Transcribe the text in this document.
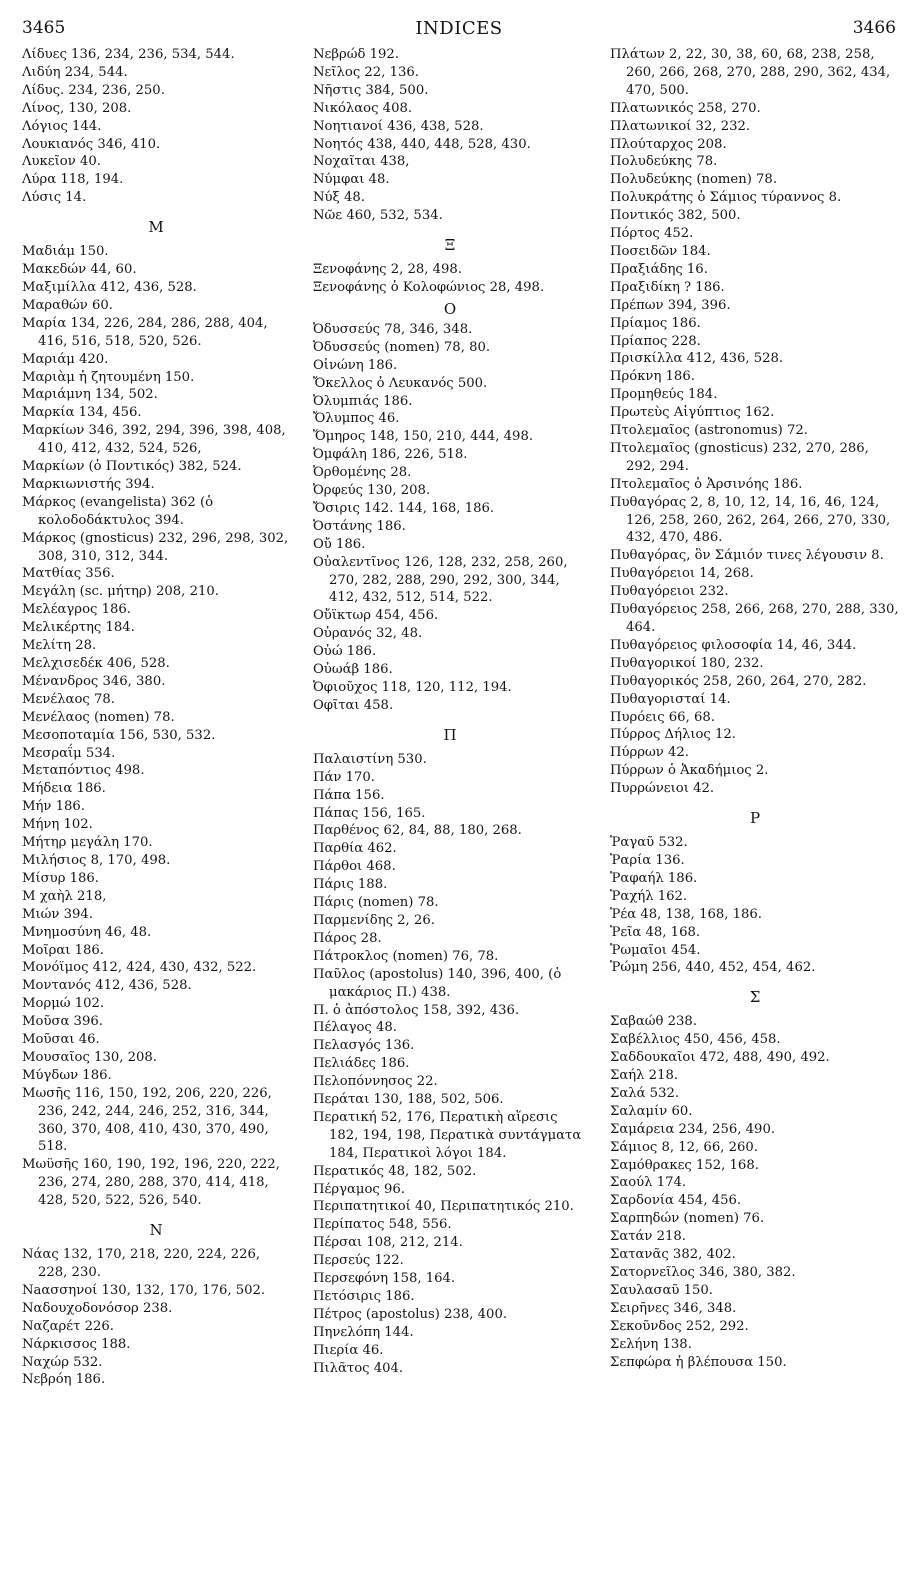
3465	INDICES	3466
Λίδυες 136, 234, 236, 534, 544.
Λιδύη 234, 544.
Λίδυς. 234, 236, 250.
Λίνος, 130, 208.
Λόγιος 144.
Λουκιανός 346, 410.
Λυκεῖον 40.
Λύρα 118, 194.
Λύσις 14.
M
Μαδιάμ 150.
Μακεδών 44, 60.
Μαξιμίλλα 412, 436, 528.
Μαραθών 60.
Μαρία 134, 226, 284, 286, 288, 404, 416, 516, 518, 520, 526.
Μαριάμ 420.
Μαριὰμ ἡ ζητουμένη 150.
Μαριάμνη 134, 502.
Μαρκία 134, 456.
Μαρκίων 346, 392, 294, 396, 398, 408, 410, 412, 432, 524, 526,
Μαρκίων (ὁ Ποντικός) 382, 524.
Μαρκιωνιστής 394.
Μάρκος (evangelista) 362 (ὁ κολοδοδάκτυλος 394.
Μάρκος (gnosticus) 232, 296, 298, 302, 308, 310, 312, 344.
Ματθίας 356.
Μεγάλη (sc. μήτηρ) 208, 210.
Μελέαγρος 186.
Μελικέρτης 184.
Μελίτη 28.
Μελχισεδέκ 406, 528.
Μένανδρος 346, 380.
Μενέλαος 78.
Μενέλαος (nomen) 78.
Μεσοποταμία 156, 530, 532.
Μεσραΐμ 534.
Μεταπόντιος 498.
Μήδεια 186.
Μήν 186.
Μήνη 102.
Μήτηρ μεγάλη 170.
Μιλήσιος 8, 170, 498.
Μίσυρ 186.
Μ χαὴλ 218,
Μιών 394.
Μνημοσύνη 46, 48.
Μοῖραι 186.
Μονόϊμος 412, 424, 430, 432, 522.
Μοντανός 412, 436, 528.
Μορμώ 102.
Μοῦσα 396.
Μοῦσαι 46.
Μουσαῖος 130, 208.
Μύγδων 186.
Μωσῆς 116, 150, 192, 206, 220, 226, 236, 242, 244, 246, 252, 316, 344, 360, 370, 408, 410, 430, 370, 490, 518.
Μωϋσῆς 160, 190, 192, 196, 220, 222, 236, 274, 280, 288, 370, 414, 418, 428, 520, 522, 526, 540.
N
Νάας 132, 170, 218, 220, 224, 226, 228, 230.
Νaασσηνοί 130, 132, 170, 176, 502.
Ναδουχοδονόσορ 238.
Ναζαρέτ 226.
Νάρκισσος 188.
Ναχώρ 532.
Νεβρόη 186.
Νεβρώδ 192.
Νεῖλος 22, 136.
Νῆστις 384, 500.
Νικόλαος 408.
Νοητιανοί 436, 438, 528.
Νοητός 438, 440, 448, 528, 430.
Νοχαῖται 438,
Νύμφαι 48.
Νύξ 48.
Νῶε 460, 532, 534.
Ξ
Ξενοφάνης 2, 28, 498.
Ξενοφάνης ὁ Κολοφώνιος 28, 498.
O
Ὀδυσσεύς 78, 346, 348.
Ὀδυσσεύς (nomen) 78, 80.
Οἰνώνη 186.
Ὄκελλος ὁ Λευκανός 500.
Ὀλυμπιάς 186.
Ὄλυμπος 46.
Ὅμηρος 148, 150, 210, 444, 498.
Ὀμφάλη 186, 226, 518.
Ὀρθομένης 28.
Ὀρφεύς 130, 208.
Ὄσιρις 142. 144, 168, 186.
Ὀστάνης 186.
Οὔ 186.
Οὐαλεντῖνος 126, 128, 232, 258, 260, 270, 282, 288, 290, 292, 300, 344, 412, 432, 512, 514, 522.
Οὔϊκτωρ 454, 456.
Οὐρανός 32, 48.
Οὐώ 186.
Οὐωάβ 186.
Ὀφιοῦχος 118, 120, 112, 194.
Οφῖται 458.
Π
Παλαιστίνη 530.
Πάν 170.
Πάπα 156.
Πάπας 156, 165.
Παρθένος 62, 84, 88, 180, 268.
Παρθία 462.
Πάρθοι 468.
Πάρις 188.
Πάρις (nomen) 78.
Παρμενίδης 2, 26.
Πάρος 28.
Πάτροκλος (nomen) 76, 78.
Παῦλος (apostolus) 140, 396, 400, (ὁ μακάριος Π.) 438.
Π. ὁ ἀπόστολος 158, 392, 436.
Πέλαγος 48.
Πελασγός 136.
Πελιάδες 186.
Πελοπόννησος 22.
Περάται 130, 188, 502, 506.
Περατική 52, 176, Περατικὴ αἵρεσις 182, 194, 198, Περατικὰ συντάγματα 184, Περατικοὶ λόγοι 184.
Περατικός 48, 182, 502.
Πέργαμος 96.
Περιπατητικοί 40, Περιπατητικός 210.
Περίπατος 548, 556.
Πέρσαι 108, 212, 214.
Περσεύς 122.
Περσεφόνη 158, 164.
Πετόσιρις 186.
Πέτρος (apostolus) 238, 400.
Πηνελόπη 144.
Πιερία 46.
Πιλᾶτος 404.
Πλάτων 2, 22, 30, 38, 60, 68, 238, 258, 260, 266, 268, 270, 288, 290, 362, 434, 470, 500.
Πλατωνικός 258, 270.
Πλατωνικοί 32, 232.
Πλούταρχος 208.
Πολυδεύκης 78.
Πολυδεύκης (nomen) 78.
Πολυκράτης ὁ Σάμιος τύραννος 8.
Ποντικός 382, 500.
Πόρτος 452.
Ποσειδῶν 184.
Πραξιάδης 16.
Πραξιδίκη ? 186.
Πρέπων 394, 396.
Πρίαμος 186.
Πρίαπος 228.
Πρισκίλλα 412, 436, 528.
Πρόκνη 186.
Προμηθεύς 184.
Πρωτεὺς Αἰγύπτιος 162.
Πτολεμαῖος (astronomus) 72.
Πτολεμαῖος (gnosticus) 232, 270, 286, 292, 294.
Πτολεμαῖος ὁ Ἀρσινόης 186.
Πυθαγόρας 2, 8, 10, 12, 14, 16, 46, 124, 126, 258, 260, 262, 264, 266, 270, 330, 432, 470, 486.
Πυθαγόρας, ὃν Σάμιόν τινες λέγουσιν 8.
Πυθαγόρειοι 14, 268.
Πυθαγόρειοι 232.
Πυθαγόρειος 258, 266, 268, 270, 288, 330, 464.
Πυθαγόρειος φιλοσοφία 14, 46, 344.
Πυθαγορικοί 180, 232.
Πυθαγορικός 258, 260, 264, 270, 282.
Πυθαγορισταί 14.
Πυρόεις 66, 68.
Πύρρος Δήλιος 12.
Πύρρων 42.
Πύρρων ὁ Ἀκαδήμιος 2.
Πυρρώνειοι 42.
P
Ῥαγαῦ 532.
Ῥαρία 136.
Ῥαφαήλ 186.
Ῥαχήλ 162.
Ῥέα 48, 138, 168, 186.
Ῥεῖα 48, 168.
Ῥωμαῖοι 454.
Ῥώμη 256, 440, 452, 454, 462.
Σ
Σαβαώθ 238.
Σαβέλλιος 450, 456, 458.
Σαδδουκαῖοι 472, 488, 490, 492.
Σαήλ 218.
Σαλά 532.
Σαλαμίν 60.
Σαμάρεια 234, 256, 490.
Σάμιος 8, 12, 66, 260.
Σαμόθρακες 152, 168.
Σαούλ 174.
Σαρδονία 454, 456.
Σαρπηδών (nomen) 76.
Σατάν 218.
Σατανᾶς 382, 402.
Σατορνεῖλος 346, 380, 382.
Σαυλασαῦ 150.
Σειρῆνες 346, 348.
Σεκοῦνδος 252, 292.
Σελήνη 138.
Σεπφώρα ἡ βλέπουσα 150.
